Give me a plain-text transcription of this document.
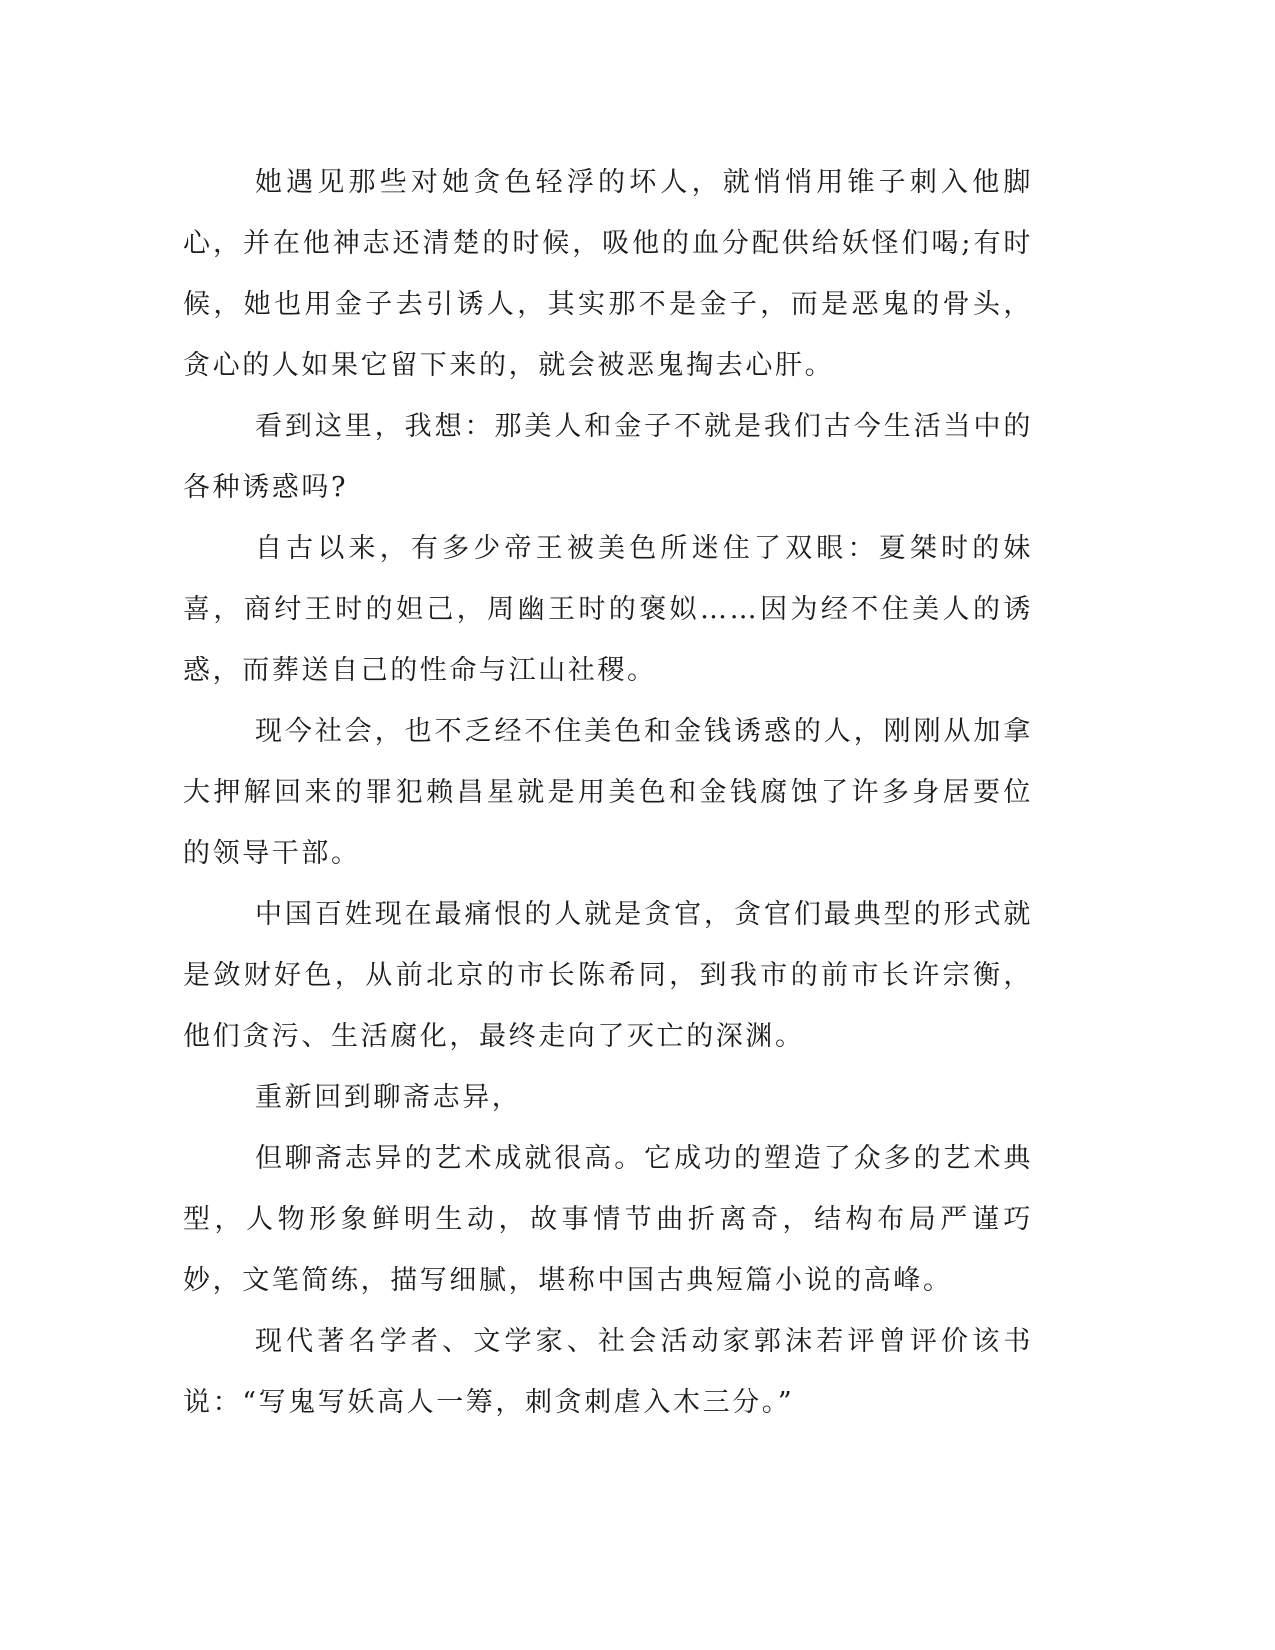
她遇见那些对她贪色轻浮的坏人，就悄悄用锥子刺入他脚心，并在他神志还清楚的时候，吸他的血分配供给妖怪们喝;有时候，她也用金子去引诱人，其实那不是金子，而是恶鬼的骨头，贪心的人如果它留下来的，就会被恶鬼掏去心肝。

看到这里，我想：那美人和金子不就是我们古今生活当中的各种诱惑吗?

自古以来，有多少帝王被美色所迷住了双眼：夏桀时的妹喜，商纣王时的妲己，周幽王时的褒姒……因为经不住美人的诱惑，而葬送自己的性命与江山社稷。

现今社会，也不乏经不住美色和金钱诱惑的人，刚刚从加拿大押解回来的罪犯赖昌星就是用美色和金钱腐蚀了许多身居要位的领导干部。

中国百姓现在最痛恨的人就是贪官，贪官们最典型的形式就是敛财好色，从前北京的市长陈希同，到我市的前市长许宗衡，他们贪污、生活腐化，最终走向了灭亡的深渊。

重新回到聊斋志异，

但聊斋志异的艺术成就很高。它成功的塑造了众多的艺术典型，人物形象鲜明生动，故事情节曲折离奇，结构布局严谨巧妙，文笔简练，描写细腻，堪称中国古典短篇小说的高峰。

现代著名学者、文学家、社会活动家郭沫若评曾评价该书说：“写鬼写妖高人一筹，刺贪刺虐入木三分。”
